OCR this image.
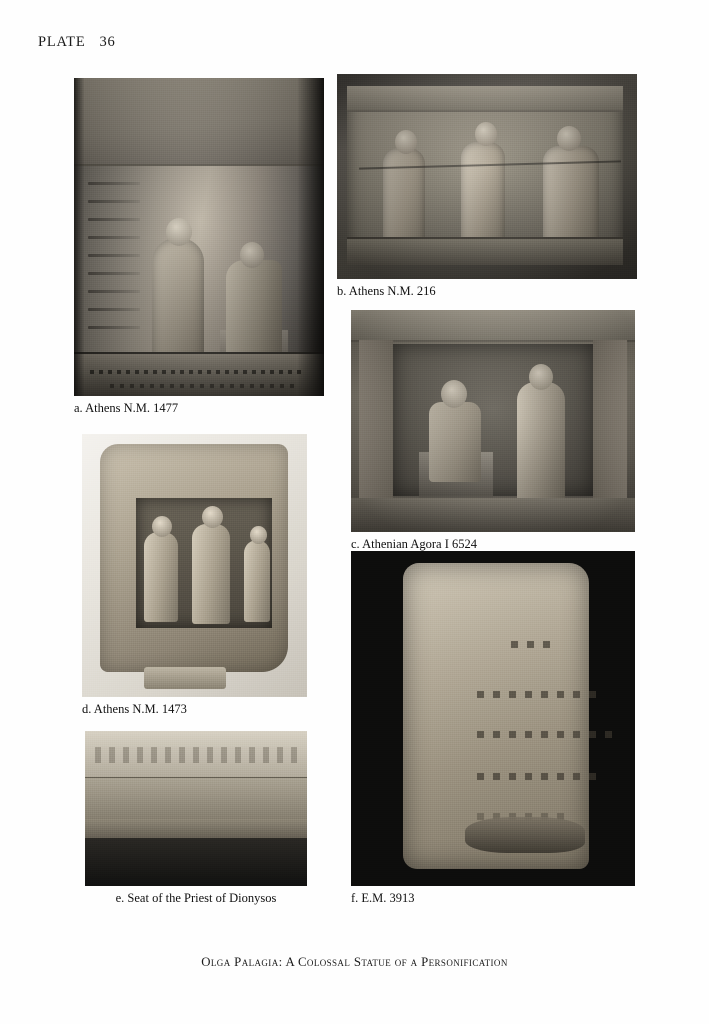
PLATE 36
a. Athens N.M. 1477
b. Athens N.M. 216
c. Athenian Agora I 6524
d. Athens N.M. 1473
e. Seat of the Priest of Dionysos	f. E.M. 3913
Olga Palagia: A Colossal Statue of a Personification
